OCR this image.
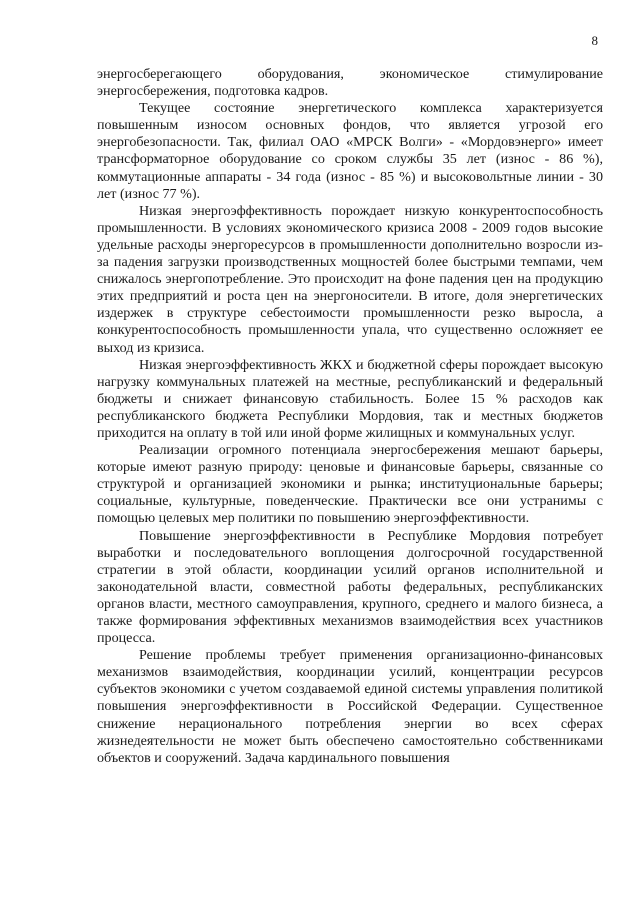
8

энергосберегающего оборудования, экономическое стимулирование энергосбережения, подготовка кадров.

Текущее состояние энергетического комплекса характеризуется повышенным износом основных фондов, что является угрозой его энергобезопасности. Так, филиал ОАО «МРСК Волги» - «Мордовэнерго» имеет трансформаторное оборудование со сроком службы 35 лет (износ - 86 %), коммутационные аппараты - 34 года (износ - 85 %) и высоковольтные линии - 30 лет (износ 77 %).

Низкая энергоэффективность порождает низкую конкурентоспособность промышленности. В условиях экономического кризиса 2008 - 2009 годов высокие удельные расходы энергоресурсов в промышленности дополнительно возросли из-за падения загрузки производственных мощностей более быстрыми темпами, чем снижалось энергопотребление. Это происходит на фоне падения цен на продукцию этих предприятий и роста цен на энергоносители. В итоге, доля энергетических издержек в структуре себестоимости промышленности резко выросла, а конкурентоспособность промышленности упала, что существенно осложняет ее выход из кризиса.

Низкая энергоэффективность ЖКХ и бюджетной сферы порождает высокую нагрузку коммунальных платежей на местные, республиканский и федеральный бюджеты и снижает финансовую стабильность. Более 15 % расходов как республиканского бюджета Республики Мордовия, так и местных бюджетов приходится на оплату в той или иной форме жилищных и коммунальных услуг.

Реализации огромного потенциала энергосбережения мешают барьеры, которые имеют разную природу: ценовые и финансовые барьеры, связанные со структурой и организацией экономики и рынка; институциональные барьеры; социальные, культурные, поведенческие. Практически все они устранимы с помощью целевых мер политики по повышению энергоэффективности.

Повышение энергоэффективности в Республике Мордовия потребует выработки и последовательного воплощения долгосрочной государственной стратегии в этой области, координации усилий органов исполнительной и законодательной власти, совместной работы федеральных, республиканских органов власти, местного самоуправления, крупного, среднего и малого бизнеса, а также формирования эффективных механизмов взаимодействия всех участников процесса.

Решение проблемы требует применения организационно-финансовых механизмов взаимодействия, координации усилий, концентрации ресурсов субъектов экономики с учетом создаваемой единой системы управления политикой повышения энергоэффективности в Российской Федерации. Существенное снижение нерационального потребления энергии во всех сферах жизнедеятельности не может быть обеспечено самостоятельно собственниками объектов и сооружений. Задача кардинального повышения
